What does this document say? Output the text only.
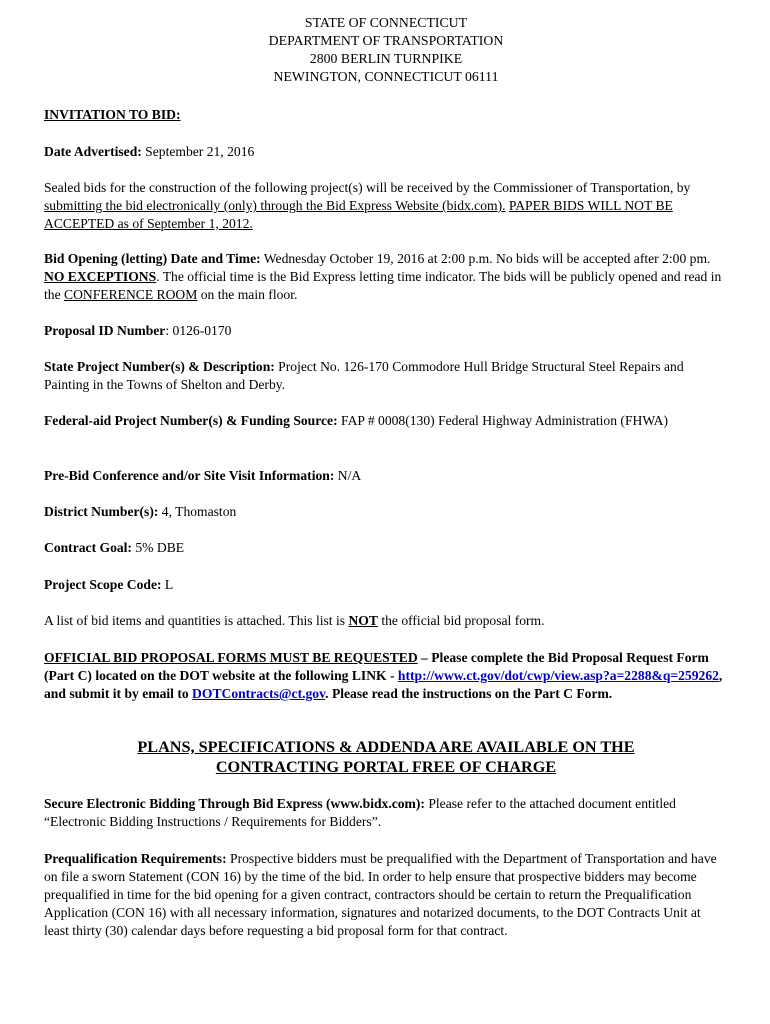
STATE OF CONNECTICUT
DEPARTMENT OF TRANSPORTATION
2800 BERLIN TURNPIKE
NEWINGTON, CONNECTICUT 06111

INVITATION TO BID:

Date Advertised: September 21, 2016

Sealed bids for the construction of the following project(s) will be received by the Commissioner of Transportation, by submitting the bid electronically (only) through the Bid Express Website (bidx.com). PAPER BIDS WILL NOT BE ACCEPTED as of September 1, 2012.

Bid Opening (letting) Date and Time: Wednesday October 19, 2016 at 2:00 p.m. No bids will be accepted after 2:00 pm. NO EXCEPTIONS. The official time is the Bid Express letting time indicator. The bids will be publicly opened and read in the CONFERENCE ROOM on the main floor.

Proposal ID Number: 0126-0170

State Project Number(s) & Description: Project No. 126-170 Commodore Hull Bridge Structural Steel Repairs and Painting in the Towns of Shelton and Derby.

Federal-aid Project Number(s) & Funding Source: FAP # 0008(130) Federal Highway Administration (FHWA)

Pre-Bid Conference and/or Site Visit Information: N/A

District Number(s): 4, Thomaston

Contract Goal: 5% DBE

Project Scope Code: L

A list of bid items and quantities is attached. This list is NOT the official bid proposal form.

OFFICIAL BID PROPOSAL FORMS MUST BE REQUESTED – Please complete the Bid Proposal Request Form (Part C) located on the DOT website at the following LINK - http://www.ct.gov/dot/cwp/view.asp?a=2288&q=259262, and submit it by email to DOTContracts@ct.gov. Please read the instructions on the Part C Form.

PLANS, SPECIFICATIONS & ADDENDA ARE AVAILABLE ON THE
CONTRACTING PORTAL FREE OF CHARGE

Secure Electronic Bidding Through Bid Express (www.bidx.com): Please refer to the attached document entitled “Electronic Bidding Instructions / Requirements for Bidders”.

Prequalification Requirements: Prospective bidders must be prequalified with the Department of Transportation and have on file a sworn Statement (CON 16) by the time of the bid. In order to help ensure that prospective bidders may become prequalified in time for the bid opening for a given contract, contractors should be certain to return the Prequalification Application (CON 16) with all necessary information, signatures and notarized documents, to the DOT Contracts Unit at least thirty (30) calendar days before requesting a bid proposal form for that contract.
